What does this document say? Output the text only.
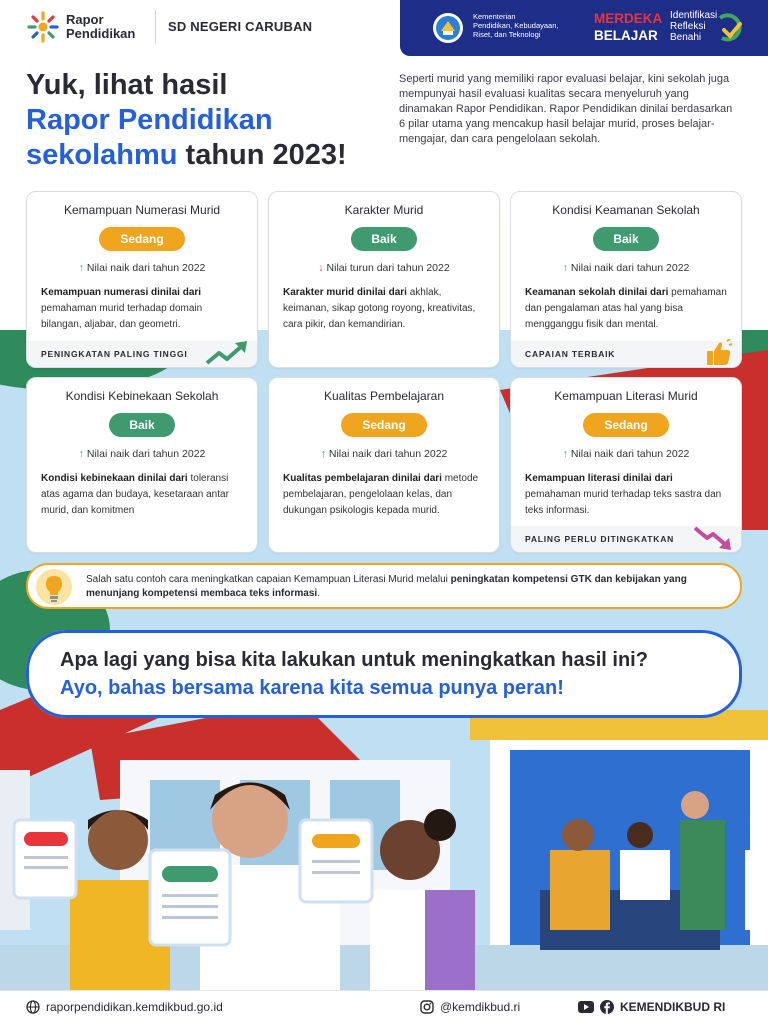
Rapor
Pendidikan	SD NEGERI CARUBAN
Kementerian
Pendidikan, Kebudayaan,
Riset, dan Teknologi
MERDEKA
BELAJAR
Identifikasi
Refleksi
Benahi
Yuk, lihat hasil
Rapor Pendidikan
sekolahmu tahun 2023!
Seperti murid yang memiliki rapor evaluasi belajar, kini sekolah juga mempunyai hasil evaluasi kualitas secara menyeluruh yang dinamakan Rapor Pendidikan. Rapor Pendidikan dinilai berdasarkan 6 pilar utama yang mencakup hasil belajar murid, proses belajar-mengajar, dan cara pengelolaan sekolah.
Kemampuan Numerasi Murid
Sedang
↑ Nilai naik dari tahun 2022
Kemampuan numerasi dinilai dari pemahaman murid terhadap domain bilangan, aljabar, dan geometri.
PENINGKATAN PALING TINGGI
Karakter Murid
Baik
↓ Nilai turun dari tahun 2022
Karakter murid dinilai dari akhlak, keimanan, sikap gotong royong, kreativitas, cara pikir, dan kemandirian.
Kondisi Keamanan Sekolah
Baik
↑ Nilai naik dari tahun 2022
Keamanan sekolah dinilai dari pemahaman dan pengalaman atas hal yang bisa mengganggu fisik dan mental.
CAPAIAN TERBAIK
Kondisi Kebinekaan Sekolah
Baik
↑ Nilai naik dari tahun 2022
Kondisi kebinekaan dinilai dari toleransi atas agama dan budaya, kesetaraan antar murid, dan komitmen
Kualitas Pembelajaran
Sedang
↑ Nilai naik dari tahun 2022
Kualitas pembelajaran dinilai dari metode pembelajaran, pengelolaan kelas, dan dukungan psikologis kepada murid.
Kemampuan Literasi Murid
Sedang
↑ Nilai naik dari tahun 2022
Kemampuan literasi dinilai dari pemahaman murid terhadap teks sastra dan teks informasi.
PALING PERLU DITINGKATKAN
Salah satu contoh cara meningkatkan capaian Kemampuan Literasi Murid melalui peningkatan kompetensi GTK dan kebijakan yang menunjang kompetensi membaca teks informasi.
Apa lagi yang bisa kita lakukan untuk meningkatkan hasil ini?
Ayo, bahas bersama karena kita semua punya peran!
raporpendidikan.kemdikbud.go.id	@kemdikbud.ri	KEMENDIKBUD RI
